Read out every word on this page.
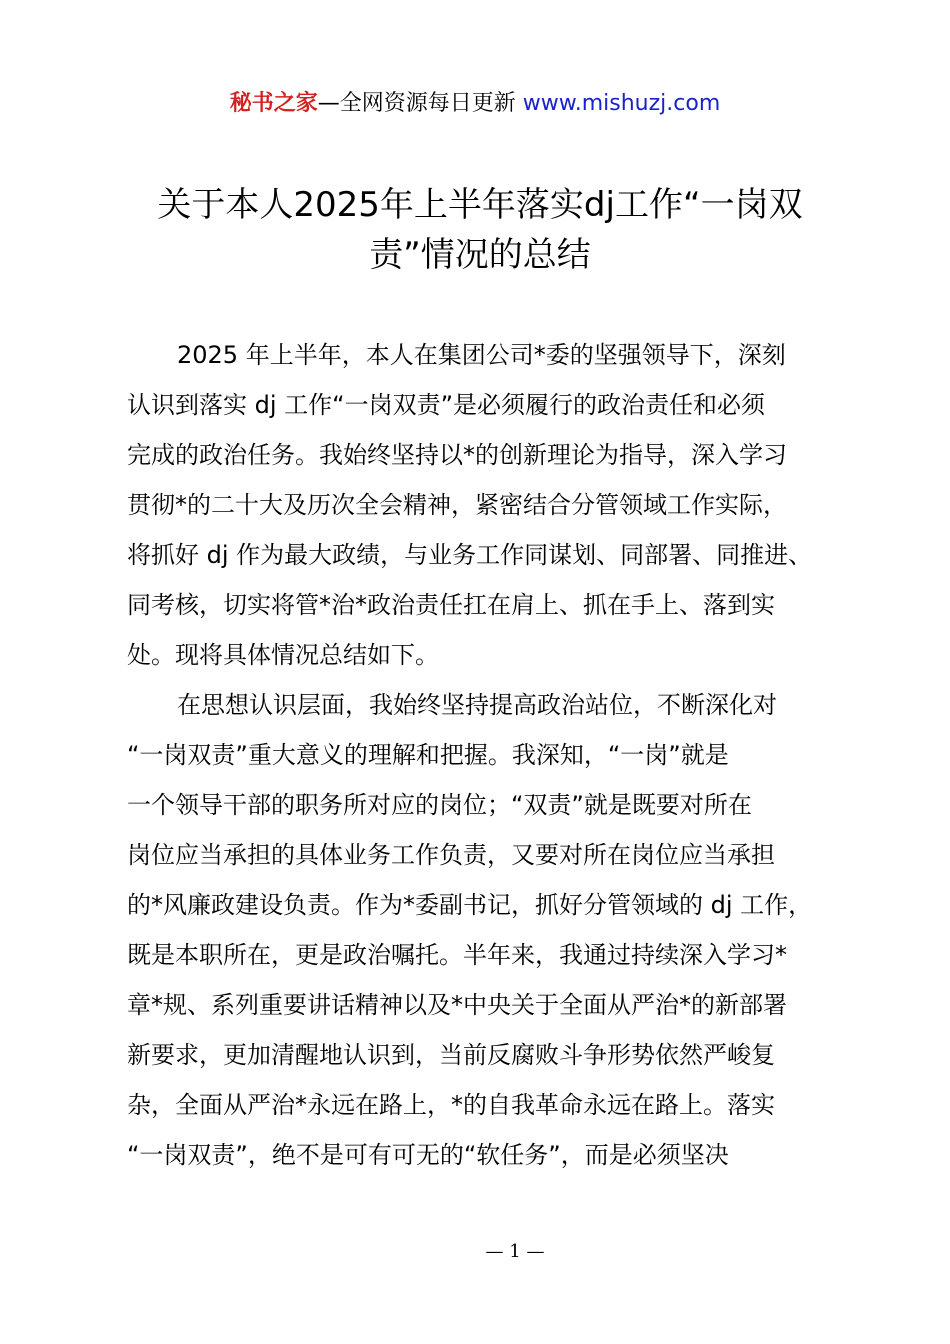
秘书之家—全网资源每日更新 www.mishuzj.com
关于本人2025年上半年落实dj工作“一岗双
责”情况的总结
2025 年上半年，本人在集团公司*委的坚强领导下，深刻
认识到落实 dj 工作“一岗双责”是必须履行的政治责任和必须
完成的政治任务。我始终坚持以*的创新理论为指导，深入学习
贯彻*的二十大及历次全会精神，紧密结合分管领域工作实际，
将抓好 dj 作为最大政绩，与业务工作同谋划、同部署、同推进、
同考核，切实将管*治*政治责任扛在肩上、抓在手上、落到实
处。现将具体情况总结如下。
在思想认识层面，我始终坚持提高政治站位，不断深化对
“一岗双责”重大意义的理解和把握。我深知，“一岗”就是
一个领导干部的职务所对应的岗位；“双责”就是既要对所在
岗位应当承担的具体业务工作负责，又要对所在岗位应当承担
的*风廉政建设负责。作为*委副书记，抓好分管领域的 dj 工作，
既是本职所在，更是政治嘱托。半年来，我通过持续深入学习*
章*规、系列重要讲话精神以及*中央关于全面从严治*的新部署
新要求，更加清醒地认识到，当前反腐败斗争形势依然严峻复
杂，全面从严治*永远在路上，*的自我革命永远在路上。落实
“一岗双责”，绝不是可有可无的“软任务”，而是必须坚决
— 1 —
